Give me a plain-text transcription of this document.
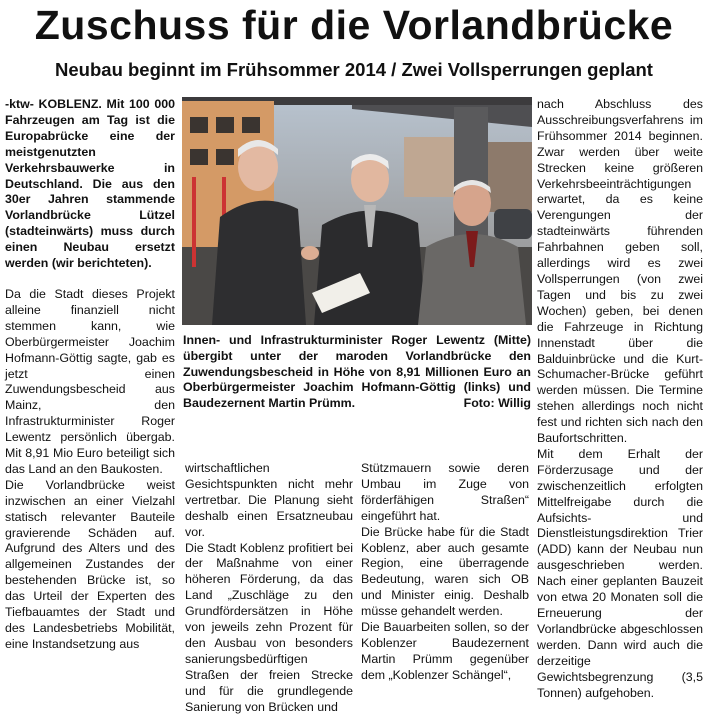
Zuschuss für die Vorlandbrücke
Neubau beginnt im Frühsommer 2014 / Zwei Vollsperrungen geplant

-ktw- KOBLENZ. Mit 100 000 Fahrzeugen am Tag ist die Europabrücke eine der meistgenutzten Verkehrsbauwerke in Deutschland. Die aus den 30er Jahren stammende Vorlandbrücke Lützel (stadteinwärts) muss durch einen Neubau ersetzt werden (wir berichteten).

Da die Stadt dieses Projekt alleine finanziell nicht stemmen kann, wie Oberbürgermeister Joachim Hofmann-Göttig sagte, gab es jetzt einen Zuwendungsbescheid aus Mainz, den Infrastrukturminister Roger Lewentz persönlich übergab. Mit 8,91 Mio Euro beteiligt sich das Land an den Baukosten.

Die Vorlandbrücke weist inzwischen an einer Vielzahl statisch relevanter Bauteile gravierende Schäden auf. Aufgrund des Alters und des allgemeinen Zustandes der bestehenden Brücke ist, so das Urteil der Experten des Tiefbauamtes der Stadt und des Landesbetriebs Mobilität, eine Instandsetzung aus

Innen- und Infrastrukturminister Roger Lewentz (Mitte) übergibt unter der maroden Vorlandbrücke den Zuwendungsbescheid in Höhe von 8,91 Millionen Euro an Oberbürgermeister Joachim Hofmann-Göttig (links) und Baudezernent Martin Prümm.	Foto: Willig

wirtschaftlichen Gesichtspunkten nicht mehr vertretbar. Die Planung sieht deshalb einen Ersatzneubau vor.

Die Stadt Koblenz profitiert bei der Maßnahme von einer höheren Förderung, da das Land „Zuschläge zu den Grundfördersätzen in Höhe von jeweils zehn Prozent für den Ausbau von besonders sanierungsbedürftigen Straßen der freien Strecke und für die grundlegende Sanierung von Brücken und

Stützmauern sowie deren Umbau im Zuge von förderfähigen Straßen“ eingeführt hat.

Die Brücke habe für die Stadt Koblenz, aber auch gesamte Region, eine überragende Bedeutung, waren sich OB und Minister einig. Deshalb müsse gehandelt werden.

Die Bauarbeiten sollen, so der Koblenzer Baudezernent Martin Prümm gegenüber dem „Koblenzer Schängel“,

nach Abschluss des Ausschreibungsverfahrens im Frühsommer 2014 beginnen. Zwar werden über weite Strecken keine größeren Verkehrsbeeinträchtigungen erwartet, da es keine Verengungen der stadteinwärts führenden Fahrbahnen geben soll, allerdings wird es zwei Vollsperrungen (von zwei Tagen und bis zu zwei Wochen) geben, bei denen die Fahrzeuge in Richtung Innenstadt über die Balduinbrücke und die Kurt-Schumacher-Brücke geführt werden müssen. Die Termine stehen allerdings noch nicht fest und richten sich nach den Baufortschritten.

Mit dem Erhalt der Förderzusage und der zwischenzeitlich erfolgten Mittelfreigabe durch die Aufsichts- und Dienstleistungsdirektion Trier (ADD) kann der Neubau nun ausgeschrieben werden. Nach einer geplanten Bauzeit von etwa 20 Monaten soll die Erneuerung der Vorlandbrücke abgeschlossen werden. Dann wird auch die derzeitige Gewichtsbegrenzung (3,5 Tonnen) aufgehoben.
